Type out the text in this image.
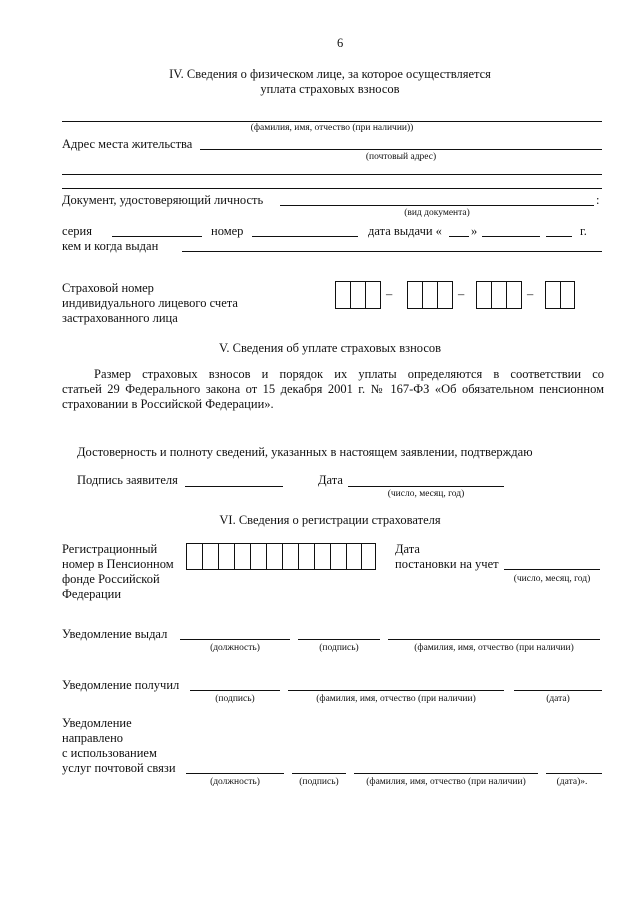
6
IV. Сведения о физическом лице, за которое осуществляется
уплата страховых взносов
(фамилия, имя, отчество (при наличии))
Адрес места жительства
(почтовый адрес)
Документ, удостоверяющий личность	:
(вид документа)
серия	номер	дата выдачи « »	г.
кем и когда выдан
Страховой номер
индивидуального лицевого счета
застрахованного лица
–	–	–
V. Сведения об уплате страховых взносов
Размер страховых взносов и порядок их уплаты определяются в соответствии со
статьей 29 Федерального закона от 15 декабря 2001 г. № 167-ФЗ «Об обязательном пенсионном
страховании в Российской Федерации».
Достоверность и полноту сведений, указанных в настоящем заявлении, подтверждаю
Подпись заявителя	Дата
(число, месяц, год)
VI. Сведения о регистрации страхователя
Регистрационный
номер в Пенсионном
фонде Российской
Федерации
Дата
постановки на учет
(число, месяц, год)
Уведомление выдал
(должность)	(подпись)	(фамилия, имя, отчество (при наличии)
Уведомление получил
(подпись)	(фамилия, имя, отчество (при наличии)	(дата)
Уведомление
направлено
с использованием
услуг почтовой связи
(должность)	(подпись)	(фамилия, имя, отчество (при наличии)	(дата)».
